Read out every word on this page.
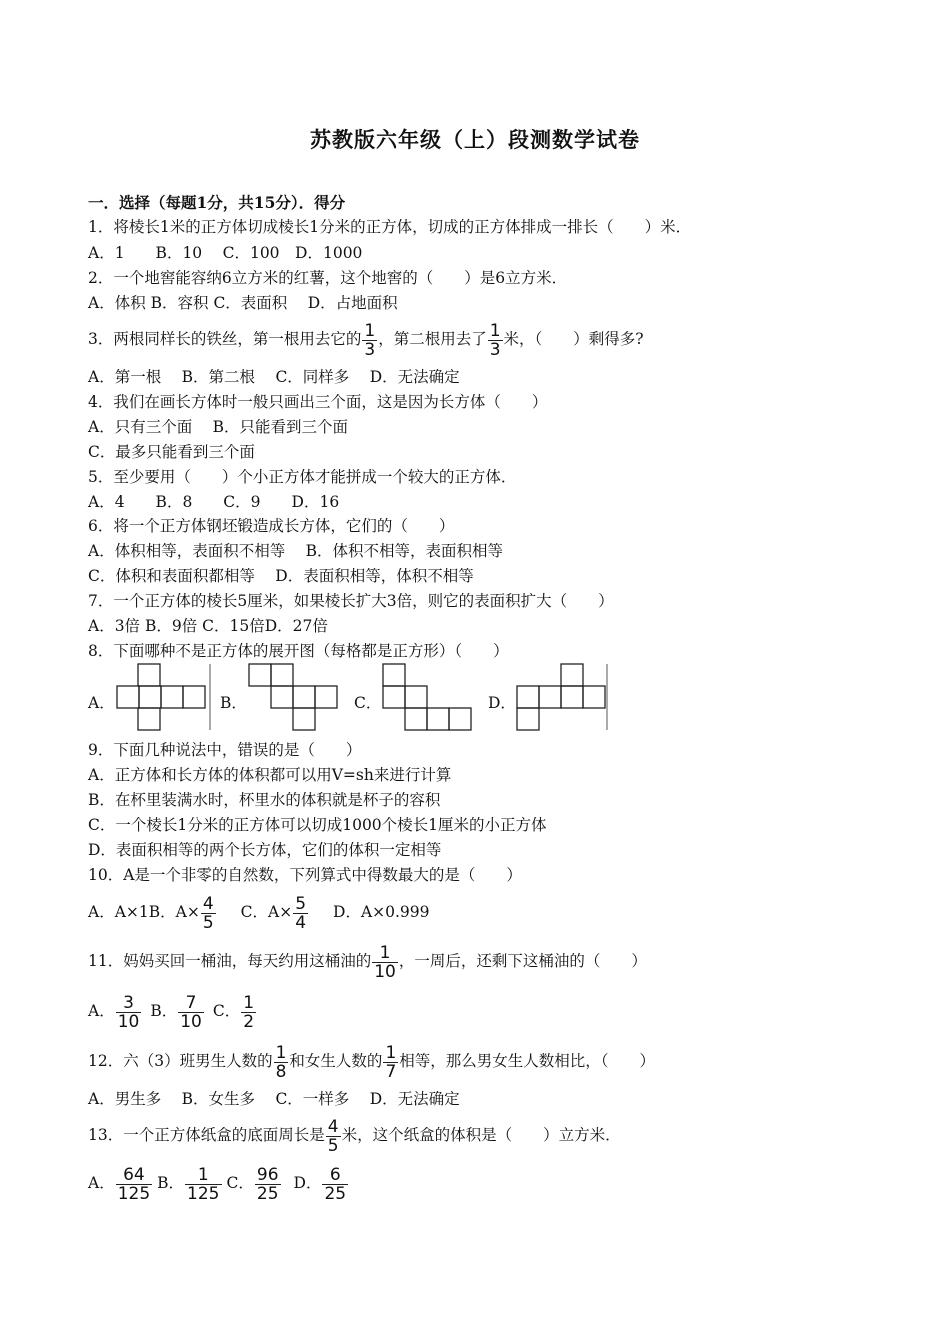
苏教版六年级（上）段测数学试卷
一．选择（每题1分，共15分）．得分
1．将棱长1米的正方体切成棱长1分米的正方体，切成的正方体排成一排长（　　）米．
A．1　　B．10　 C．100　D．1000
2．一个地窖能容纳6立方米的红薯，这个地窖的（　　）是6立方米．
A．体积 B．容积 C．表面积　 D．占地面积
3．两根同样长的铁丝，第一根用去它的 $\frac{1}{3}$ ，第二根用去了 $\frac{1}{3}$ 米，（　　）剩得多?
A．第一根　 B．第二根　 C．同样多　 D．无法确定
4．我们在画长方体时一般只画出三个面，这是因为长方体（　　）
A．只有三个面　 B．只能看到三个面
C．最多只能看到三个面
5．至少要用（　　）个小正方体才能拼成一个较大的正方体．
A．4　　B．8　　C．9　　D．16
6．将一个正方体钢坯锻造成长方体，它们的（　　）
A．体积相等，表面积不相等　 B．体积不相等，表面积相等
C．体积和表面积都相等　 D．表面积相等，体积不相等
7．一个正方体的棱长5厘米，如果棱长扩大3倍，则它的表面积扩大（　　）
A．3倍 B．9倍 C．15倍D．27倍
8．下面哪种不是正方体的展开图（每格都是正方形）（　　）
A．	B．	C．	D．
9．下面几种说法中，错误的是（　　）
A．正方体和长方体的体积都可以用V=sh来进行计算
B．在杯里装满水时，杯里水的体积就是杯子的容积
C．一个棱长1分米的正方体可以切成1000个棱长1厘米的小正方体
D．表面积相等的两个长方体，它们的体积一定相等
10．A是一个非零的自然数，下列算式中得数最大的是（　　）
A．A×1B．$A\times \frac{4}{5}$ C．$A\times \frac{5}{4}$ D．A×0.999
11．妈妈买回一桶油，每天约用这桶油的 $\frac{1}{10}$ ，一周后，还剩下这桶油的（　　）
A． $\frac{3}{10}$ B． $\frac{7}{10}$ C． $\frac{1}{2}$
12．六（3）班男生人数的 $\frac{1}{8}$ 和女生人数的 $\frac{1}{7}$ 相等，那么男女生人数相比，（　　）
A．男生多　 B．女生多　 C．一样多　 D．无法确定
13．一个正方体纸盒的底面周长是 $\frac{4}{5}$ 米，这个纸盒的体积是（　　）立方米．
A． $\frac{64}{125}$ B． $\frac{1}{125}$ C． $\frac{96}{25}$ D． $\frac{6}{25}$
